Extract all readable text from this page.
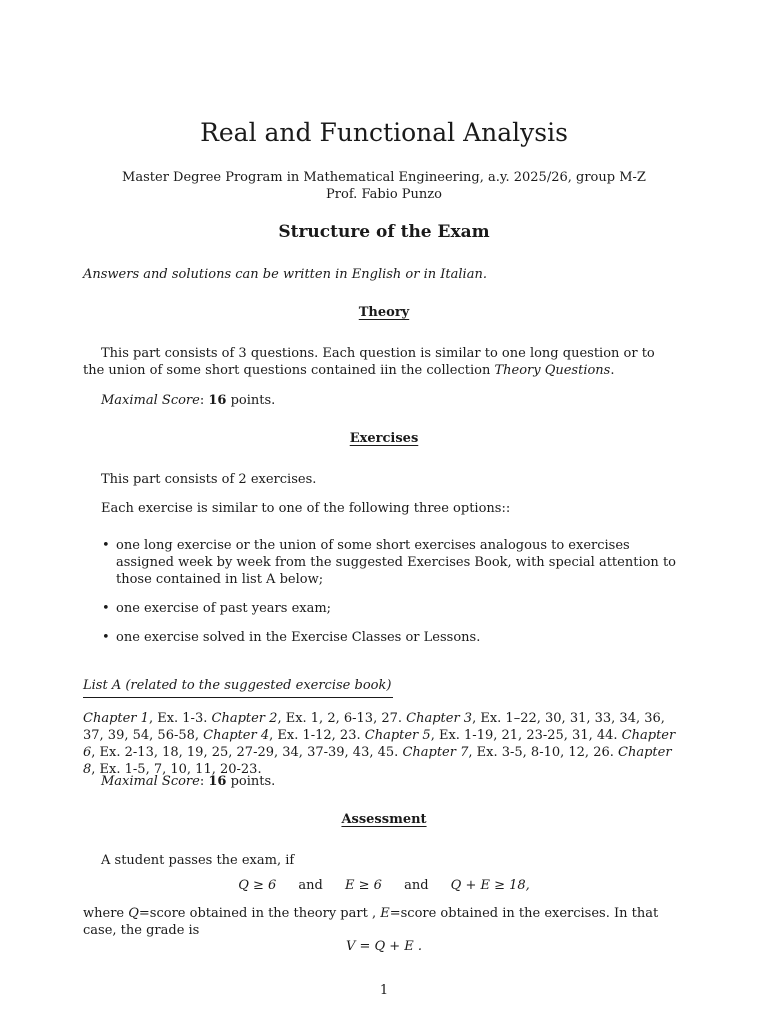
Real and Functional Analysis
Master Degree Program in Mathematical Engineering, a.y. 2025/26, group M-Z
Prof. Fabio Punzo
Structure of the Exam
Answers and solutions can be written in English or in Italian.
Theory
This part consists of 3 questions. Each question is similar to one long question or to the union of some short questions contained iin the collection Theory Questions.
Maximal Score: 16 points.
Exercises
This part consists of 2 exercises.
Each exercise is similar to one of the following three options::
• one long exercise or the union of some short exercises analogous to exercises assigned week by week from the suggested Exercises Book, with special attention to those contained in list A below;
• one exercise of past years exam;
• one exercise solved in the Exercise Classes or Lessons.
List A (related to the suggested exercise book)
Chapter 1, Ex. 1-3. Chapter 2, Ex. 1, 2, 6-13, 27. Chapter 3, Ex. 1–22, 30, 31, 33, 34, 36, 37, 39, 54, 56-58, Chapter 4, Ex. 1-12, 23. Chapter 5, Ex. 1-19, 21, 23-25, 31, 44. Chapter 6, Ex. 2-13, 18, 19, 25, 27-29, 34, 37-39, 43, 45. Chapter 7, Ex. 3-5, 8-10, 12, 26. Chapter 8, Ex. 1-5, 7, 10, 11, 20-23.
Maximal Score: 16 points.
Assessment
A student passes the exam, if
Q ≥ 6 and E ≥ 6 and Q + E ≥ 18,
where Q=score obtained in the theory part , E=score obtained in the exercises. In that case, the grade is
V = Q + E .
1
